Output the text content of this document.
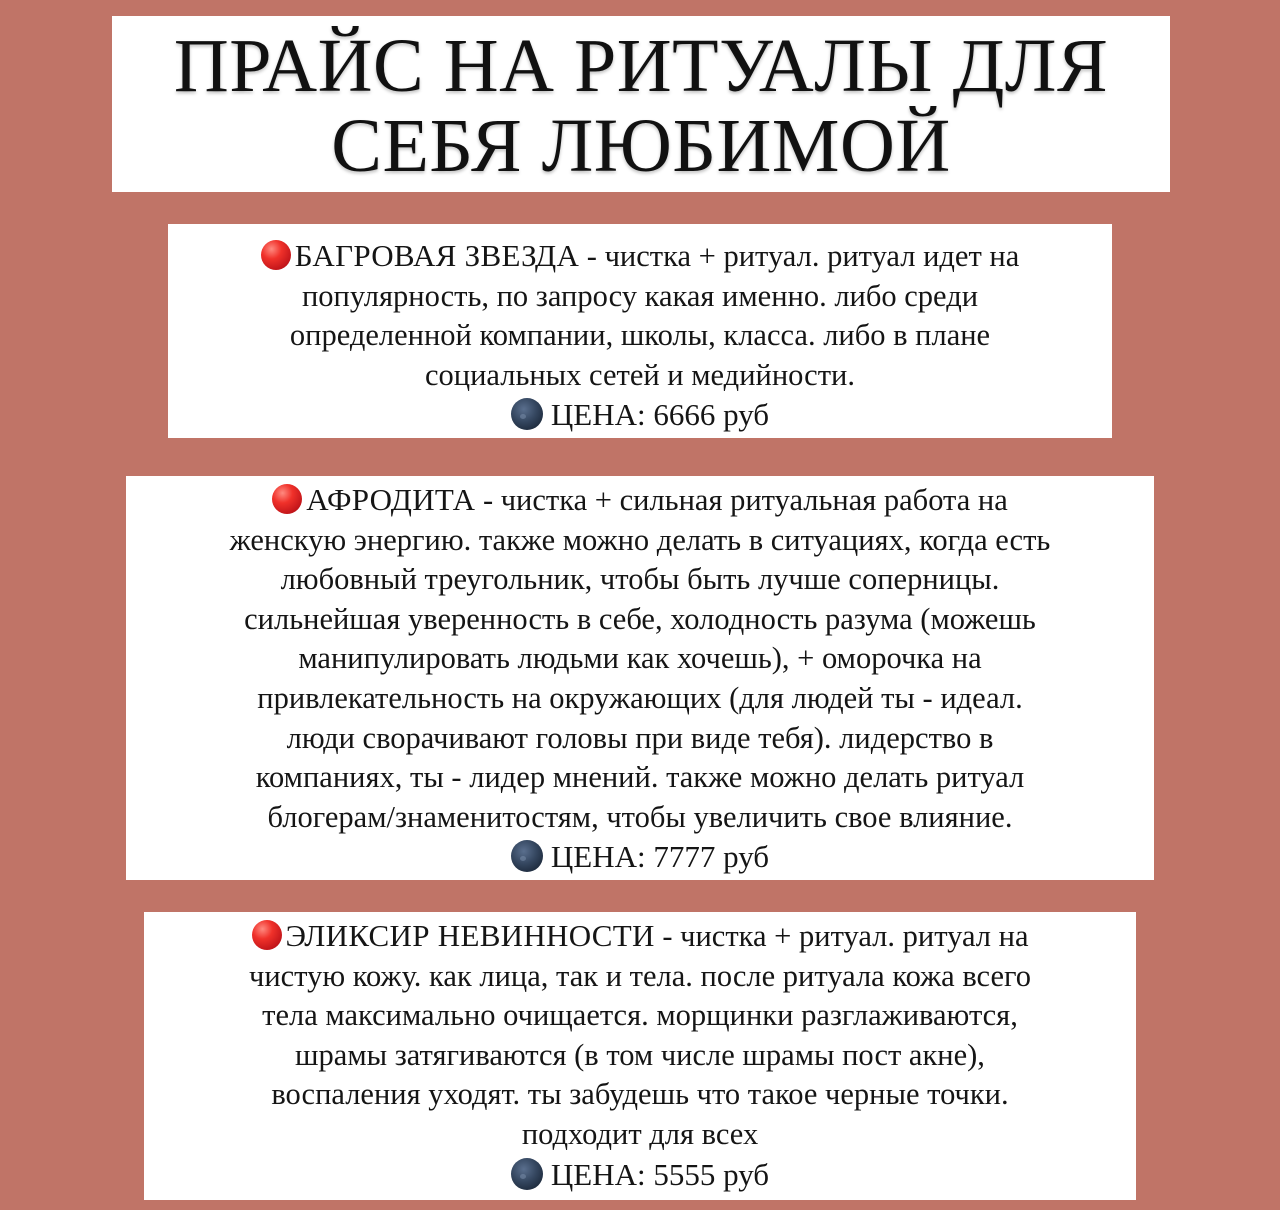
ПРАЙС НА РИТУАЛЫ ДЛЯ
СЕБЯ ЛЮБИМОЙ
БАГРОВАЯ ЗВЕЗДА - чистка + ритуал. ритуал идет на
популярность, по запросу какая именно. либо среди
определенной компании, школы, класса. либо в плане
социальных сетей и медийности.
ЦЕНА: 6666 руб
АФРОДИТА - чистка + сильная ритуальная работа на
женскую энергию. также можно делать в ситуациях, когда есть
любовный треугольник, чтобы быть лучше соперницы.
сильнейшая уверенность в себе, холодность разума (можешь
манипулировать людьми как хочешь), + оморочка на
привлекательность на окружающих (для людей ты - идеал.
люди сворачивают головы при виде тебя). лидерство в
компаниях, ты - лидер мнений. также можно делать ритуал
блогерам/знаменитостям, чтобы увеличить свое влияние.
ЦЕНА: 7777 руб
ЭЛИКСИР НЕВИННОСТИ - чистка + ритуал. ритуал на
чистую кожу. как лица, так и тела. после ритуала кожа всего
тела максимально очищается. морщинки разглаживаются,
шрамы затягиваются (в том числе шрамы пост акне),
воспаления уходят. ты забудешь что такое черные точки.
подходит для всех
ЦЕНА: 5555 руб
